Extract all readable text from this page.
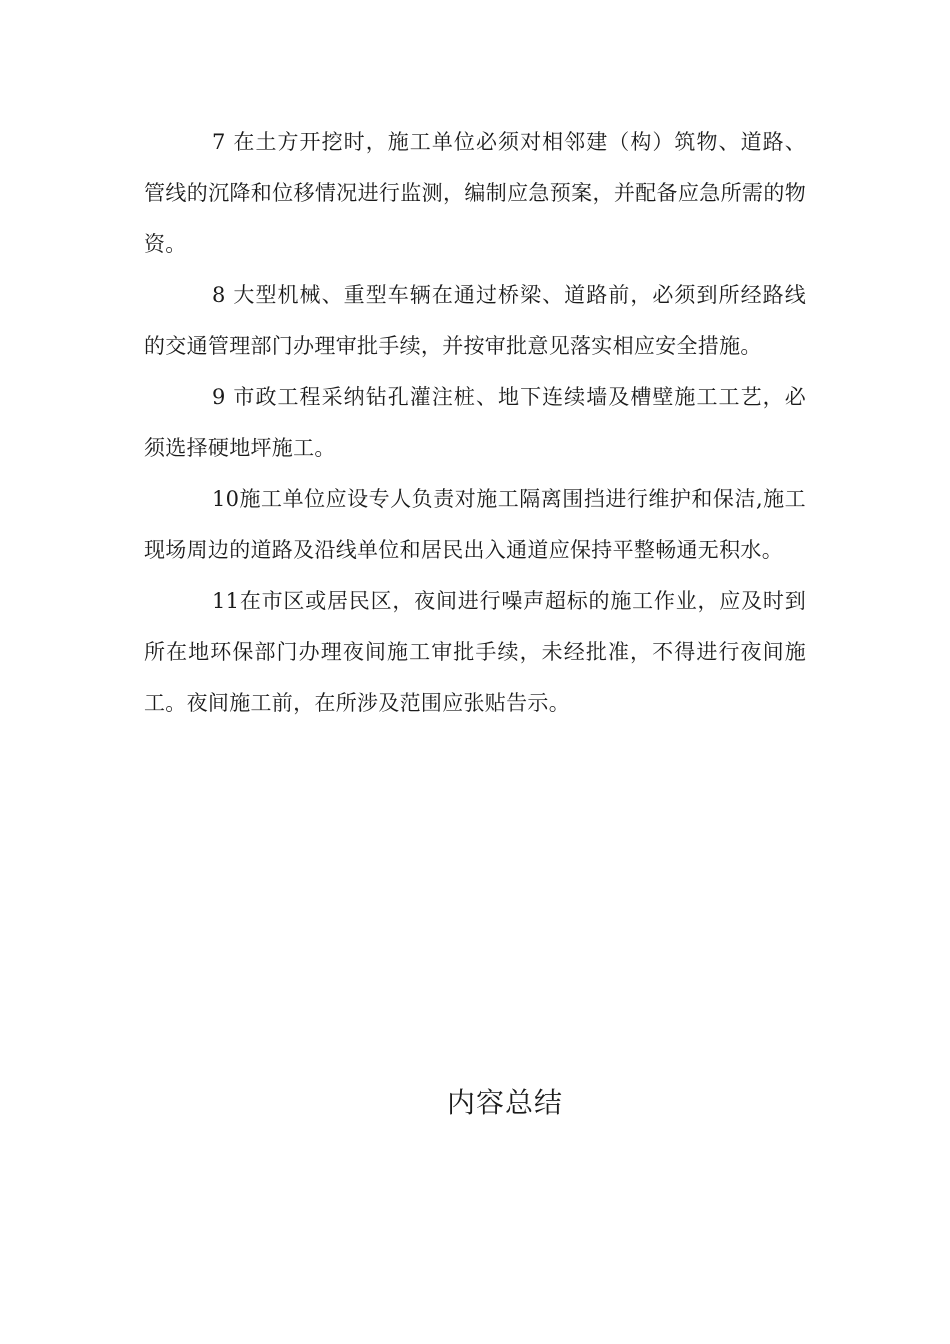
7 在土方开挖时，施工单位必须对相邻建（构）筑物、道路、管线的沉降和位移情况进行监测，编制应急预案，并配备应急所需的物资。

8 大型机械、重型车辆在通过桥梁、道路前，必须到所经路线的交通管理部门办理审批手续，并按审批意见落实相应安全措施。

9 市政工程采纳钻孔灌注桩、地下连续墙及槽壁施工工艺，必须选择硬地坪施工。

10施工单位应设专人负责对施工隔离围挡进行维护和保洁,施工现场周边的道路及沿线单位和居民出入通道应保持平整畅通无积水。

11在市区或居民区，夜间进行噪声超标的施工作业，应及时到所在地环保部门办理夜间施工审批手续，未经批准，不得进行夜间施工。夜间施工前，在所涉及范围应张贴告示。

内容总结
